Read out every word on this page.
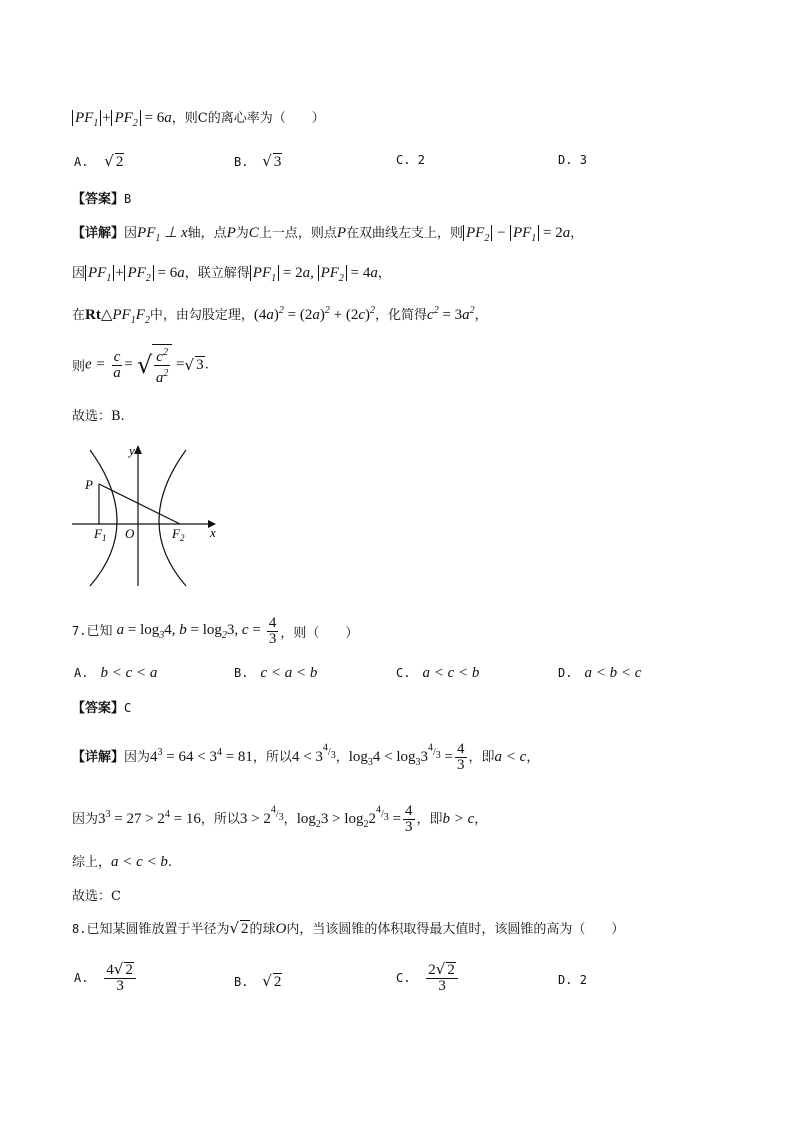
$PF_1 + PF_2 = 6a$，则C的离心率为（　　）
A. √ 2	B. √ 3	C. 2	D. 3
【答案】B
【详解】因$PF_1$ ⊥ x轴，点P为C上一点，则点P在双曲线左支上，则 $PF_2 - PF_1 = 2a$，
因 $PF_1 + PF_2 = 6a$，联立解得 $PF_1 = 2a$, $PF_2 = 4a$，
在$Rt\triangle PF_1F_2$中，由勾股定理，$(4a)^2 = (2a)^2 + (2c)^2$，化简得$c^2 = 3a^2$，
则$e = \frac{c}{a}$ = √ $\frac{c^2}{a^2}$ =√ 3.
故选：B.
y
x
P
$F_1$ O	$F_2$
7.已知 $a = \log_34$, $b = \log_23$, $c = \frac{4}{3}$ ，则（　　）
A. b < c < a	B. c < a < b	C. a < c < b	D. a < b < c
【答案】C
【详解】因为$4^3 = 64 < 3^4 = 81$，所以$4 < 3^{^4/_3}$，$\log_34 < \log_33^{^4/_3} = \frac{4}{3}$ ，即a < c，
因为$3^3 = 27 > 2^4 = 16$，所以$3 > 2^{^4/_3}$，$\log_23 > \log_22^{^4/_3} = \frac{4}{3}$ ，即b > c，
综上，a < c < b.
故选：C
8.已知某圆锥放置于半径为√ 2的球O内，当该圆锥的体积取得最大值时，该圆锥的高为（　　）
A. $\frac{4√ 2}{3}$	B. √ 2	C. $\frac{2√ 2}{3}$	D. 2
